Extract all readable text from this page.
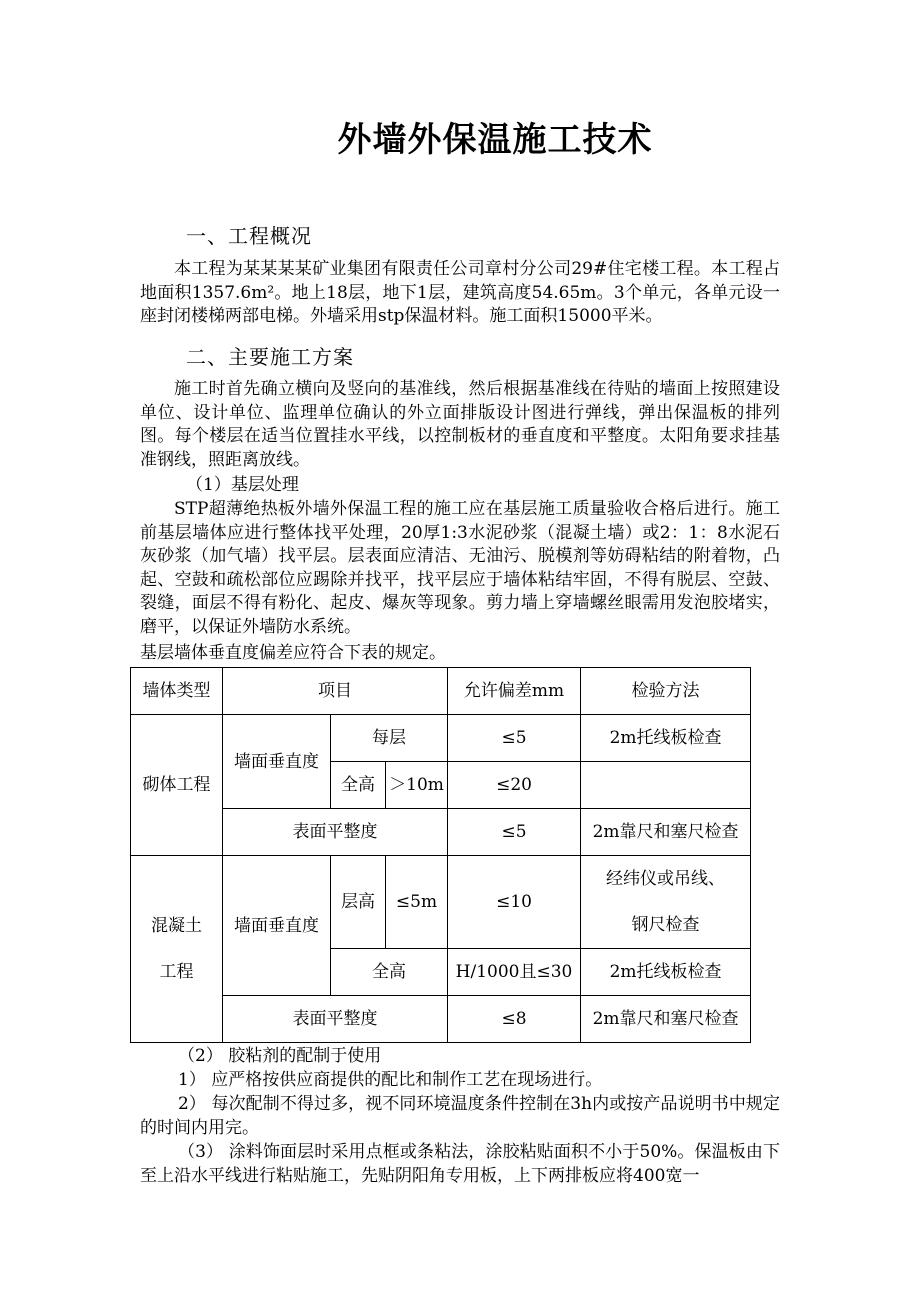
外墙外保温施工技术
一、工程概况

本工程为某某某某矿业集团有限责任公司章村分公司29#住宅楼工程。本工程占地面积1357.6m²。地上18层，地下1层，建筑高度54.65m。3个单元，各单元设一座封闭楼梯两部电梯。外墙采用stp保温材料。施工面积15000平米。

二、主要施工方案

施工时首先确立横向及竖向的基准线，然后根据基准线在待贴的墙面上按照建设单位、设计单位、监理单位确认的外立面排版设计图进行弹线，弹出保温板的排列图。每个楼层在适当位置挂水平线，以控制板材的垂直度和平整度。太阳角要求挂基准钢线，照距离放线。

（1）基层处理

STP超薄绝热板外墙外保温工程的施工应在基层施工质量验收合格后进行。施工前基层墙体应进行整体找平处理，20厚1:3水泥砂浆（混凝土墙）或2：1：8水泥石灰砂浆（加气墙）找平层。层表面应清洁、无油污、脱模剂等妨碍粘结的附着物，凸起、空鼓和疏松部位应踢除并找平，找平层应于墙体粘结牢固，不得有脱层、空鼓、裂缝，面层不得有粉化、起皮、爆灰等现象。剪力墙上穿墙螺丝眼需用发泡胶堵实，磨平，以保证外墙防水系统。

基层墙体垂直度偏差应符合下表的规定。
墙体类型	项目			允许偏差mm	检验方法
砌体工程	墙面垂直度	每层		≤5	2m托线板检查
		全高	＞10m	≤20	
	表面平整度			≤5	2m靠尺和塞尺检查

混凝土
工程	墙面垂直度	层高	≤5m	≤10	经纬仪或吊线、
钢尺检查

		全高		H/1000且≤30	2m托线板检查
	表面平整度			≤8	2m靠尺和塞尺检查
（2） 胶粘剂的配制于使用
1） 应严格按供应商提供的配比和制作工艺在现场进行。

2） 每次配制不得过多，视不同环境温度条件控制在3h内或按产品说明书中规定的时间内用完。

（3） 涂料饰面层时采用点框或条粘法，涂胶粘贴面积不小于50%。保温板由下至上沿水平线进行粘贴施工，先贴阴阳角专用板，上下两排板应将400宽一
